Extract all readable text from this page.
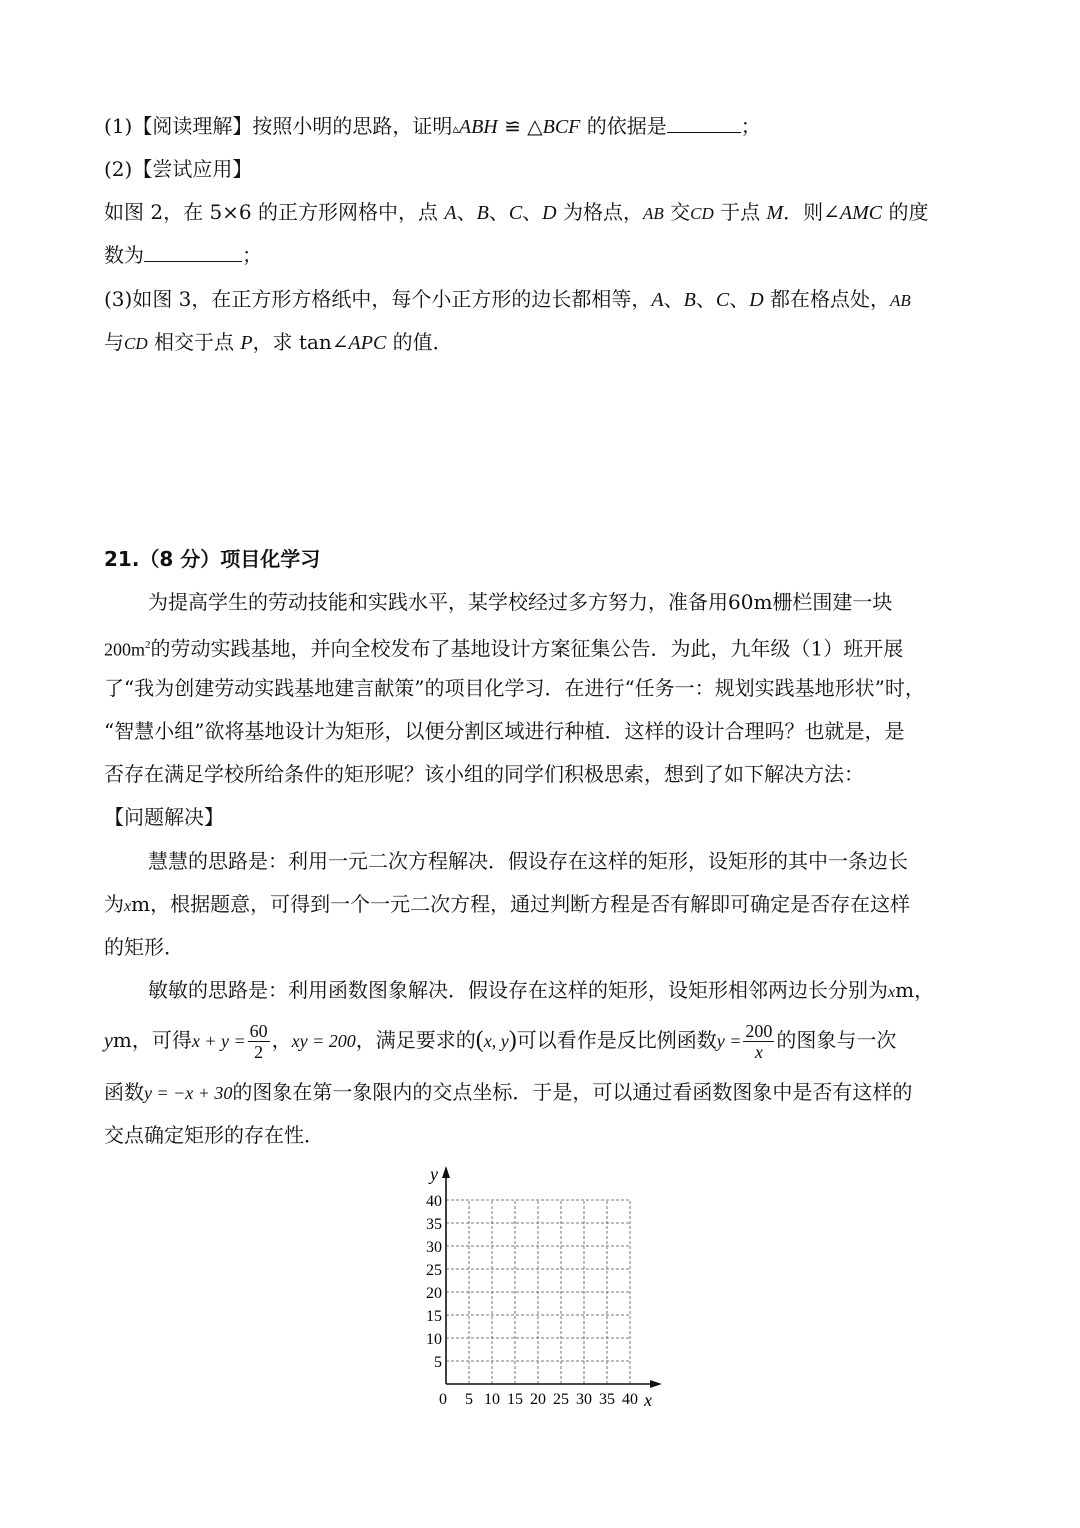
(1)【阅读理解】按照小明的思路，证明▵ABH ≌ △BCF 的依据是	；
(2)【尝试应用】
如图 2，在 5×6 的正方形网格中，点 A、B、C、D 为格点，AB 交CD 于点 M．则∠AMC 的度
数为	；
(3)如图 3，在正方形方格纸中，每个小正方形的边长都相等，A、B、C、D 都在格点处，AB
与CD 相交于点 P，求 tan∠APC 的值．
21.（8 分）项目化学习
为提高学生的劳动技能和实践水平，某学校经过多方努力，准备用60m栅栏围建一块
$200m^2$的劳动实践基地，并向全校发布了基地设计方案征集公告．为此，九年级（1）班开展
了“我为创建劳动实践基地建言献策”的项目化学习．在进行“任务一：规划实践基地形状”时，
“智慧小组”欲将基地设计为矩形，以便分割区域进行种植．这样的设计合理吗？也就是，是
否存在满足学校所给条件的矩形呢？该小组的同学们积极思索，想到了如下解决方法：
【问题解决】
慧慧的思路是：利用一元二次方程解决．假设存在这样的矩形，设矩形的其中一条边长
为xm，根据题意，可得到一个一元二次方程，通过判断方程是否有解即可确定是否存在这样
的矩形．
敏敏的思路是：利用函数图象解决．假设存在这样的矩形，设矩形相邻两边长分别为xm，
ym，可得$x + y = \frac{60}{2}$ ，xy = 200，满足要求的(x, y)可以看作是反比例函数$y = \frac{200}{x}$ 的图象与一次
函数y = −x + 30的图象在第一象限内的交点坐标．于是，可以通过看函数图象中是否有这样的
交点确定矩形的存在性．
y
x
5
10
15
20
25
30
35
40
0 5 10 15 20 25 30 35 40
